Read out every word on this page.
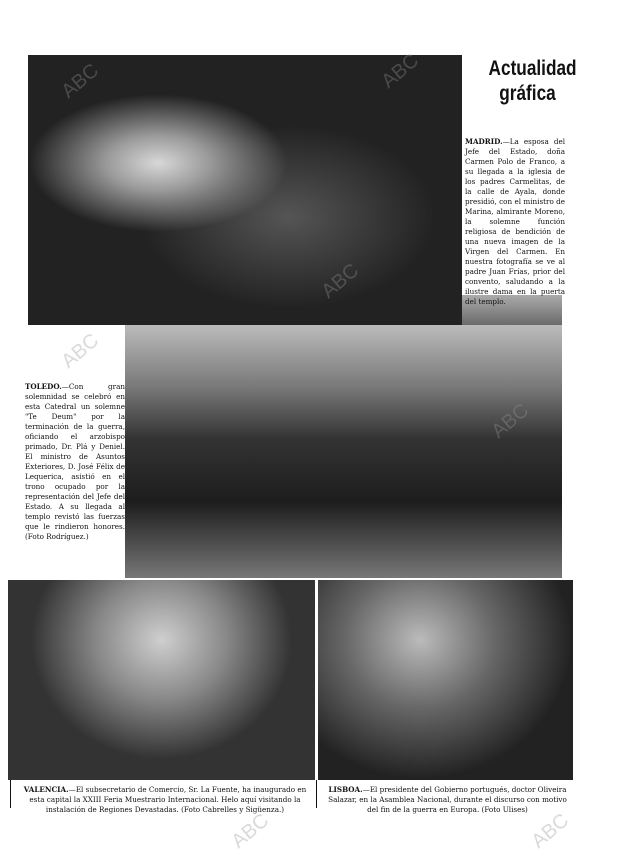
Actualidad
gráfica
MADRID.—La esposa del Jefe del Estado, doña Carmen Polo de Franco, a su llegada a la iglesia de los padres Carmelitas, de la calle de Ayala, donde presidió, con el ministro de Marina, almirante Moreno, la solemne función religiosa de bendición de una nueva imagen de la Virgen del Carmen. En nuestra fotografía se ve al padre Juan Frías, prior del convento, saludando a la ilustre dama en la puerta del templo.
TOLEDO.—Con gran solemnidad se celebró en esta Catedral un solemne "Te Deum" por la terminación de la guerra, oficiando el arzobispo primado, Dr. Plá y Deniel. El ministro de Asuntos Exteriores, D. José Félix de Lequerica, asistió en el trono ocupado por la representación del Jefe del Estado. A su llegada al templo revistó las fuerzas que le rindieron honores. (Foto Rodríguez.)
VALENCIA.—El subsecretario de Comercio, Sr. La Fuente, ha inaugurado en esta capital la XXIII Feria Muestrario Internacional. Helo aquí visitando la instalación de Regiones Devastadas. (Foto Cabrelles y Sigüenza.)
LISBOA.—El presidente del Gobierno portugués, doctor Oliveira Salazar, en la Asamblea Nacional, durante el discurso con motivo del fin de la guerra en Europa. (Foto Ulises)
ABC	ABC
ABC
ABC
ABC
ABC	ABC
